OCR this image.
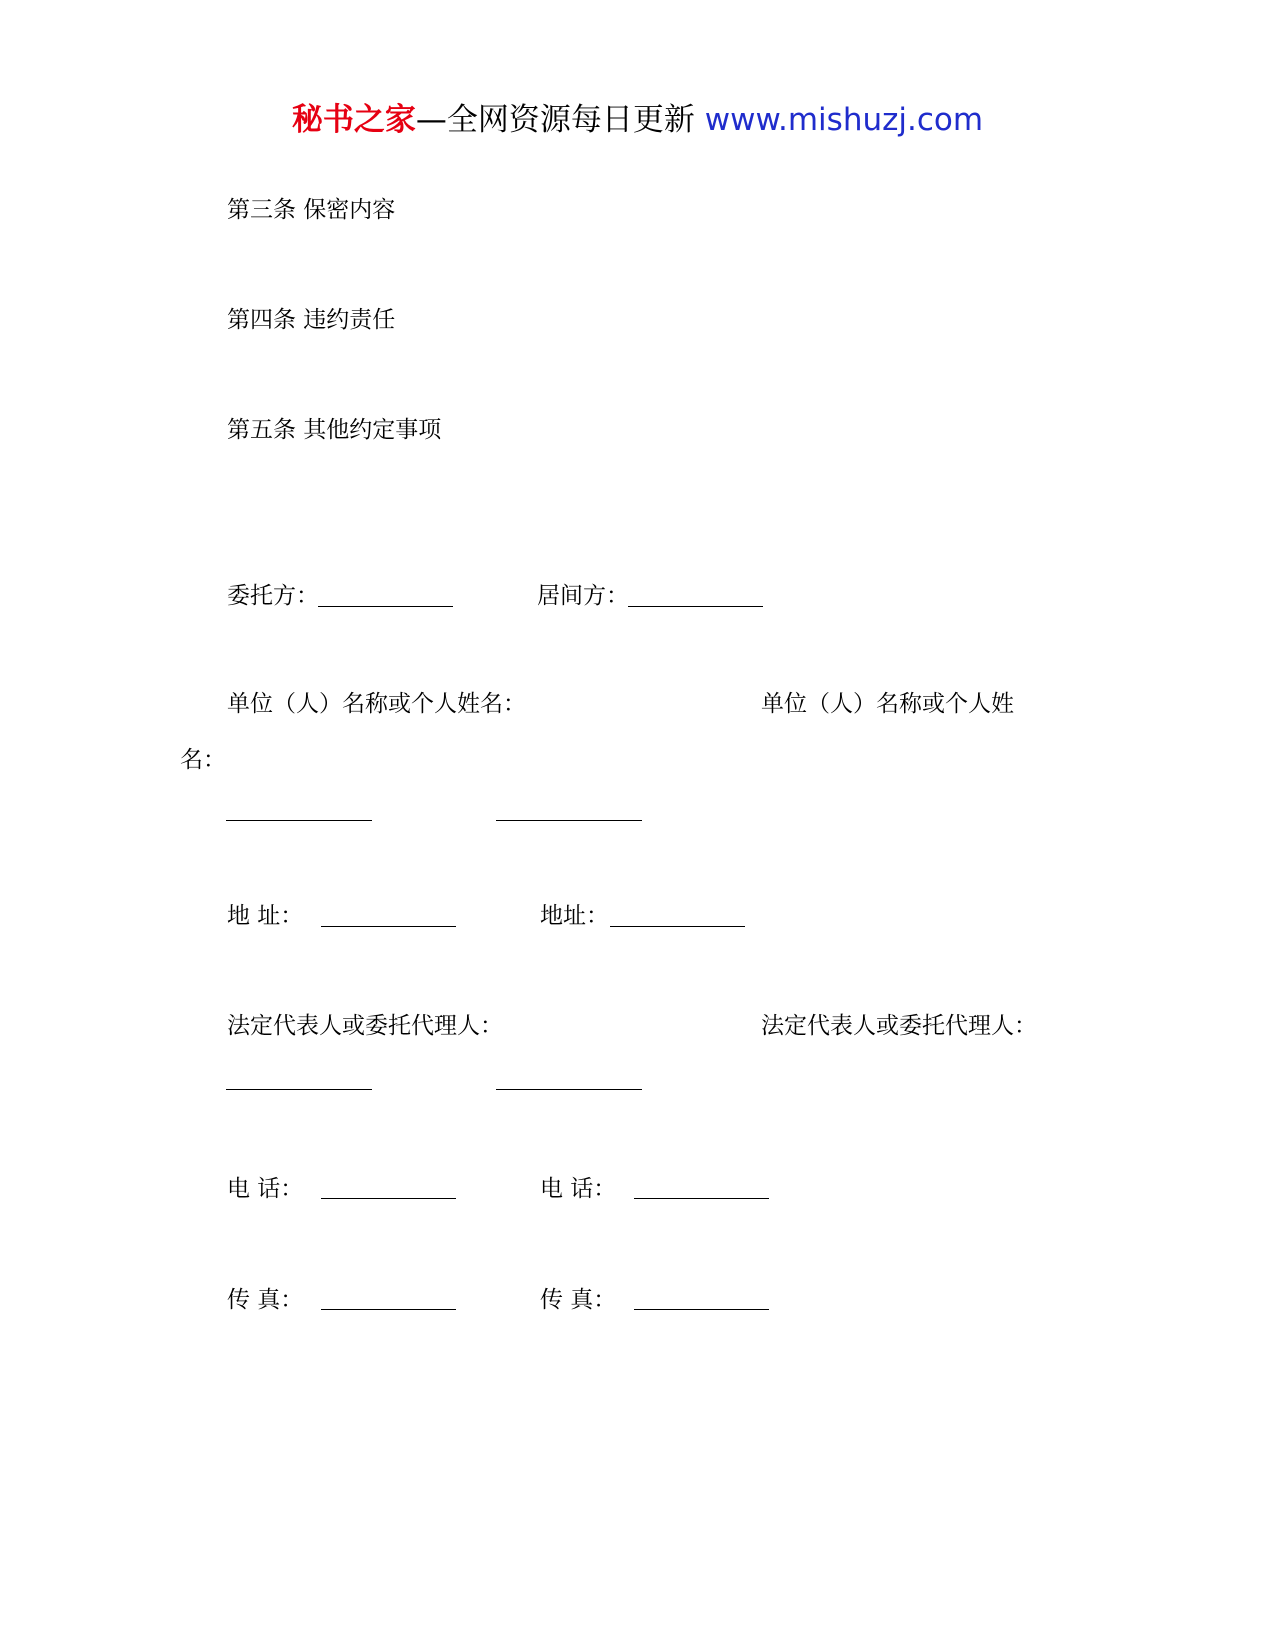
秘书之家—全网资源每日更新 www.mishuzj.com
第三条 保密内容
第四条 违约责任
第五条 其他约定事项
委托方：	居间方：
单位（人）名称或个人姓名：	单位（人）名称或个人姓
名：
地 址：	地址：
法定代表人或委托代理人：	法定代表人或委托代理人：
电 话：	电 话：
传 真：	传 真：
